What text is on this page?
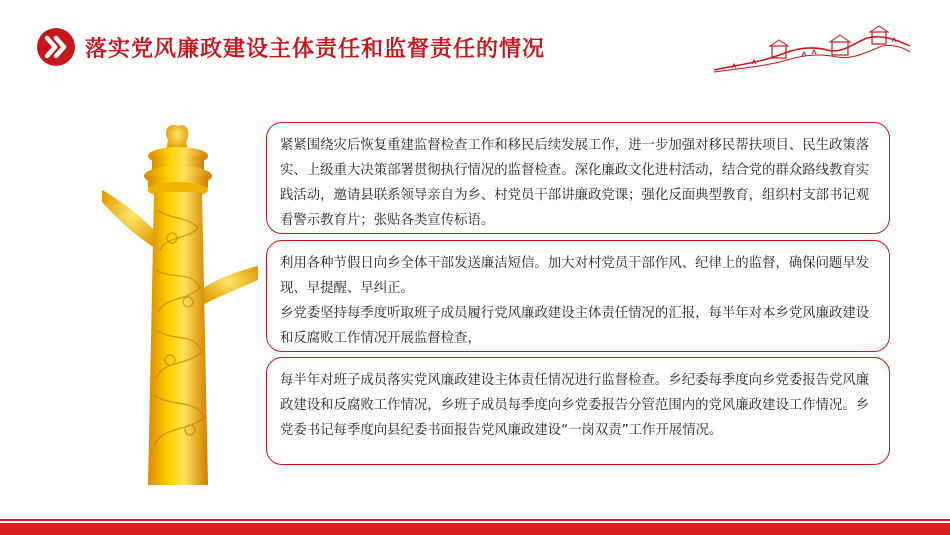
落实党风廉政建设主体责任和监督责任的情况

紧紧围绕灾后恢复重建监督检查工作和移民后续发展工作，进一步加强对移民帮扶项目、民生政策落实、上级重大决策部署贯彻执行情况的监督检查。深化廉政文化进村活动，结合党的群众路线教育实践活动，邀请县联系领导亲自为乡、村党员干部讲廉政党课；强化反面典型教育，组织村支部书记观看警示教育片；张贴各类宣传标语。

利用各种节假日向乡全体干部发送廉洁短信。加大对村党员干部作风、纪律上的监督，确保问题早发现、早提醒、早纠正。

乡党委坚持每季度听取班子成员履行党风廉政建设主体责任情况的汇报，每半年对本乡党风廉政建设和反腐败工作情况开展监督检查，

每半年对班子成员落实党风廉政建设主体责任情况进行监督检查。乡纪委每季度向乡党委报告党风廉政建设和反腐败工作情况，乡班子成员每季度向乡党委报告分管范围内的党风廉政建设工作情况。乡党委书记每季度向县纪委书面报告党风廉政建设“一岗双责”工作开展情况。
